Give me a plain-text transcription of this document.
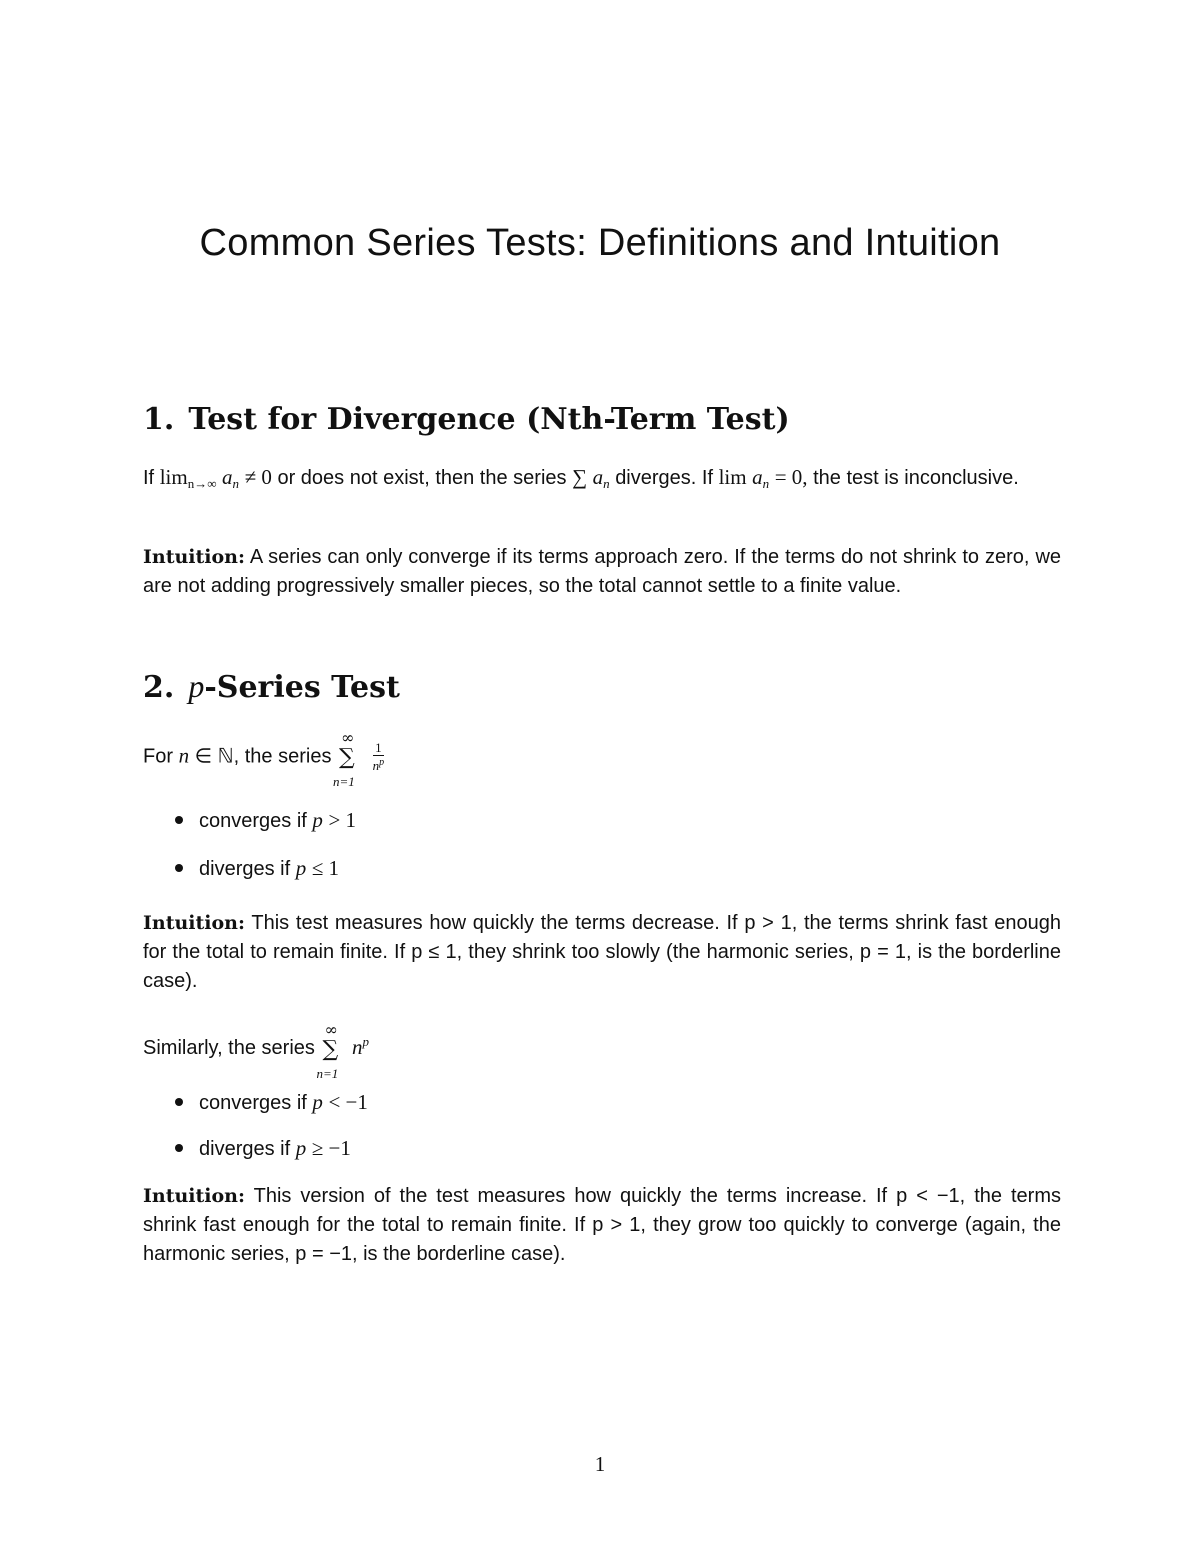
Common Series Tests: Definitions and Intuition
1. Test for Divergence (Nth-Term Test)

If $\lim_{n\to\infty} a_n \ne 0$ or does not exist, then the series ∑ $a_n$ diverges. If $\lim a_n = 0$, the test is inconclusive.

Intuition: A series can only converge if its terms approach zero. If the terms do not shrink to zero, we are not adding progressively smaller pieces, so the total cannot settle to a finite value.

2. p-Series Test

For n ∈ ℕ, the series
∞
∑
n=1

$\frac{1}{n^p}$

converges if p > 1
diverges if p ≤ 1

Intuition: This test measures how quickly the terms decrease. If p > 1, the terms shrink fast enough for the total to remain finite. If p ≤ 1, they shrink too slowly (the harmonic series, p = 1, is the borderline case).

Similarly, the series
∞
∑
n=1
$n^p$

converges if p < −1
diverges if p ≥ −1

Intuition: This version of the test measures how quickly the terms increase. If p < −1, the terms shrink fast enough for the total to remain finite. If p > 1, they grow too quickly to converge (again, the harmonic series, p = −1, is the borderline case).

1
